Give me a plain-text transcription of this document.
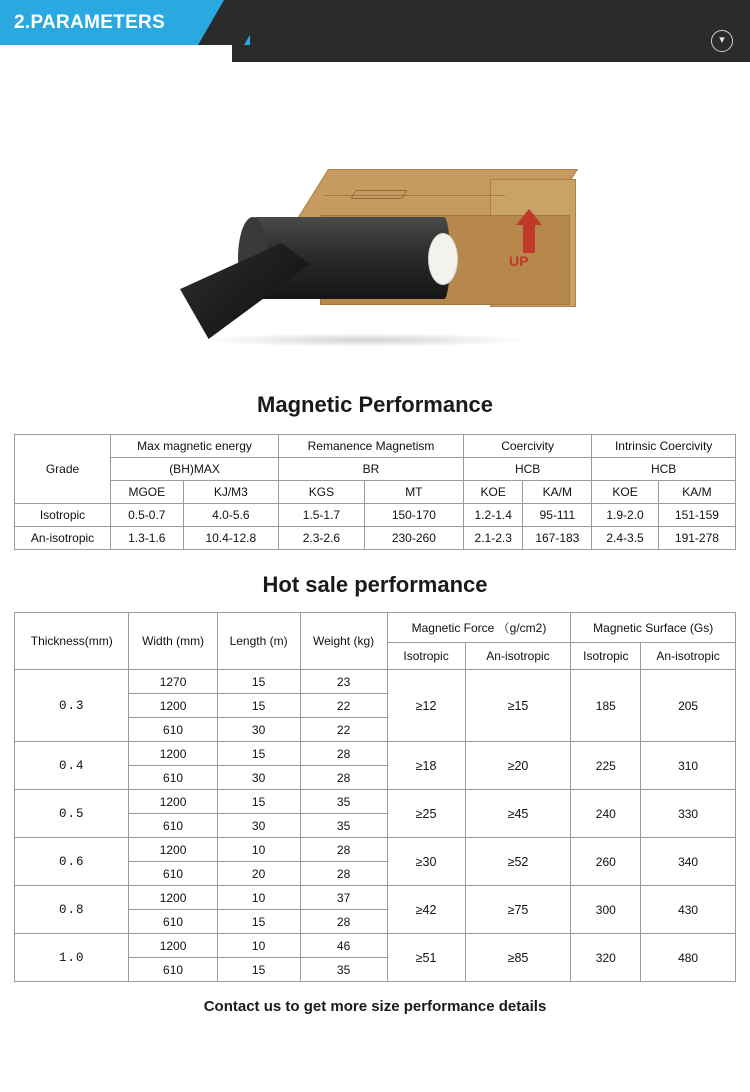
2.PARAMETERS
▾
UP
Magnetic Performance
Grade	Max magnetic energy		Remanence Magnetism		Coercivity		Intrinsic Coercivity	
	(BH)MAX		BR		HCB		HCB	
	MGOE	KJ/M3	KGS	MT	KOE	KA/M	KOE	KA/M
Isotropic	0.5-0.7	4.0-5.6	1.5-1.7	150-170	1.2-1.4	95-111	1.9-2.0	151-159
An-isotropic	1.3-1.6	10.4-12.8	2.3-2.6	230-260	2.1-2.3	167-183	2.4-3.5	191-278
Hot sale performance
Thickness(mm)	Width (mm)	Length (m)	Weight (kg)	Magnetic Force （g/cm2)		Magnetic Surface (Gs)	
				Isotropic	An-isotropic	Isotropic	An-isotropic
0.3	1270	15	23	≥12	≥15	185	205
	1200	15	22				
	610	30	22				
0.4	1200	15	28	≥18	≥20	225	310
	610	30	28				
0.5	1200	15	35	≥25	≥45	240	330
	610	30	35				
0.6	1200	10	28	≥30	≥52	260	340
	610	20	28				
0.8	1200	10	37	≥42	≥75	300	430
	610	15	28				
1.0	1200	10	46	≥51	≥85	320	480
	610	15	35				
Contact us to get more size performance details
